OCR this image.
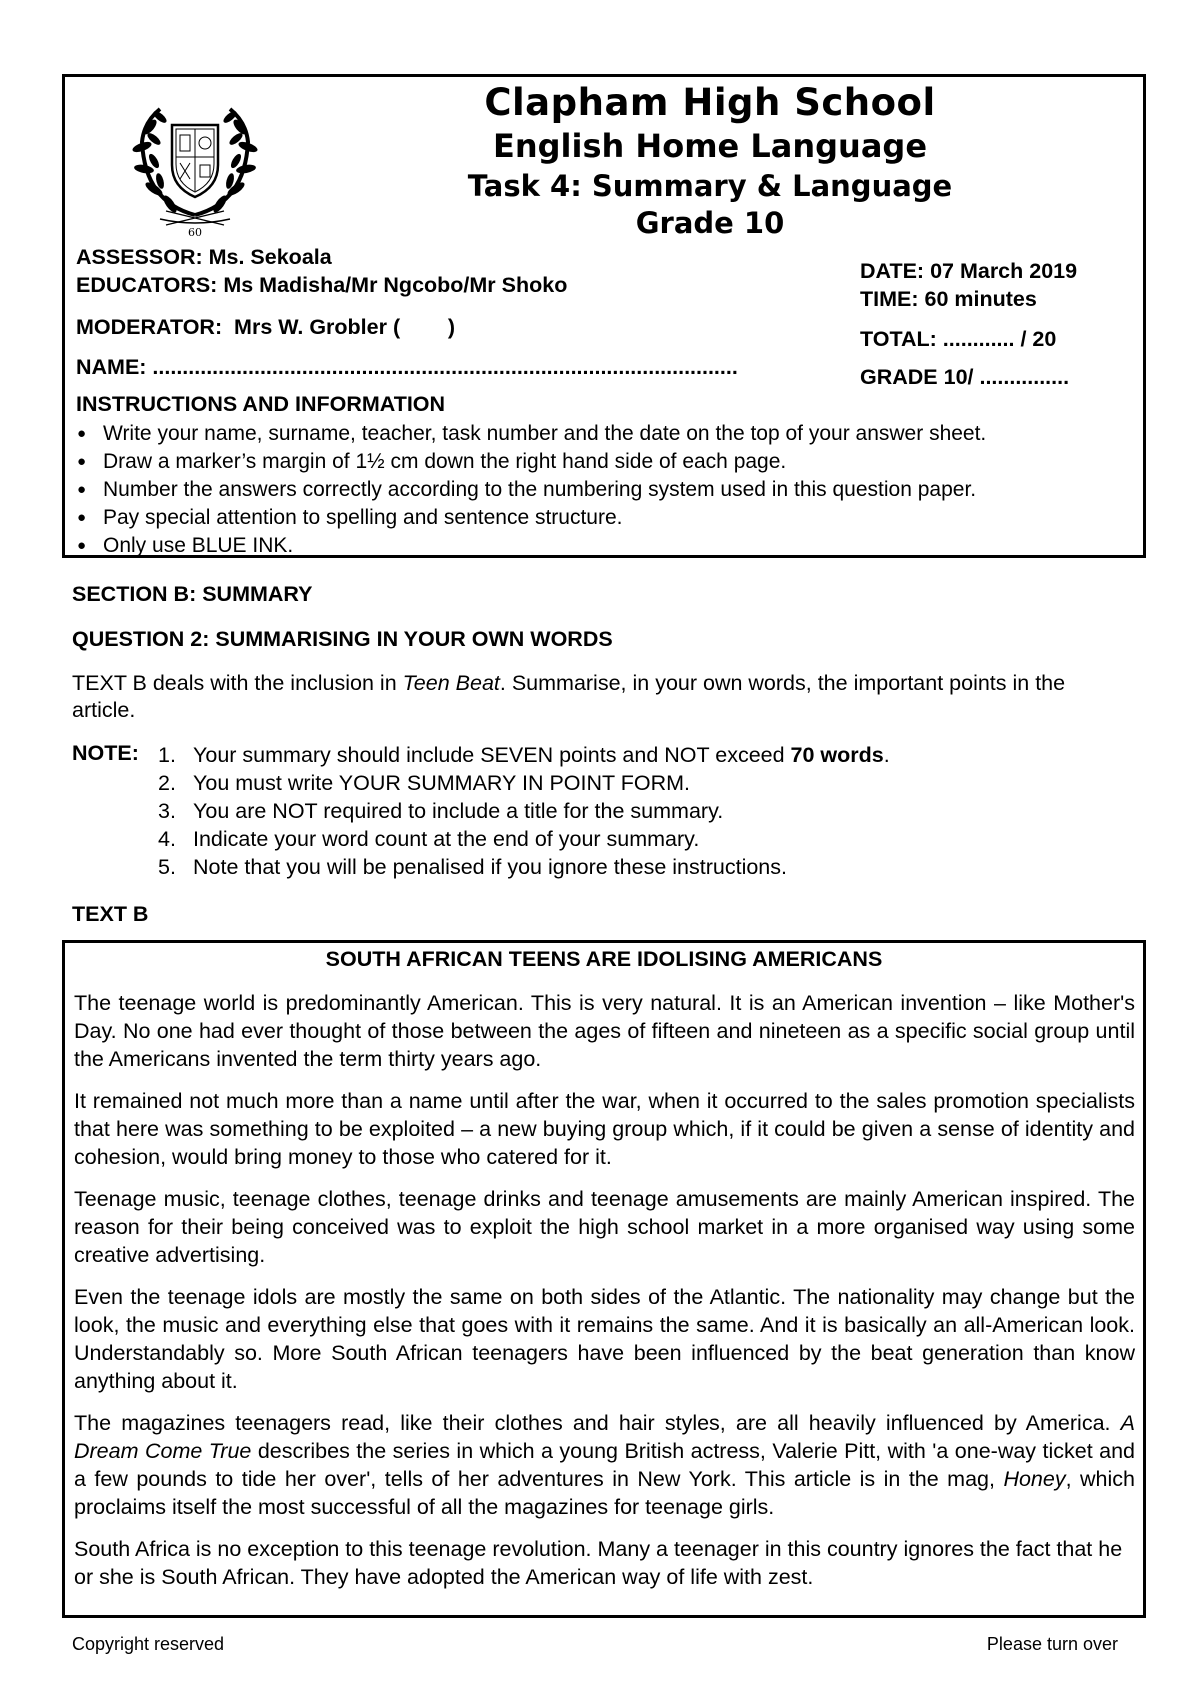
60
Clapham High School
English Home Language
Task 4: Summary & Language
Grade 10
ASSESSOR: Ms. Sekoala
EDUCATORS: Ms Madisha/Mr Ngcobo/Mr Shoko
MODERATOR:  Mrs W. Grobler (        )
NAME: ..................................................................................................
DATE: 07 March 2019
TIME: 60 minutes
TOTAL: ............ / 20
GRADE 10/ ...............
INSTRUCTIONS AND INFORMATION
● Write your name, surname, teacher, task number and the date on the top of your answer sheet.
● Draw a marker’s margin of 1½ cm down the right hand side of each page.
● Number the answers correctly according to the numbering system used in this question paper.
● Pay special attention to spelling and sentence structure.
● Only use BLUE INK.
SECTION B: SUMMARY
QUESTION 2: SUMMARISING IN YOUR OWN WORDS
TEXT B deals with the inclusion in Teen Beat. Summarise, in your own words, the important points in the article.
NOTE: 1. Your summary should include SEVEN points and NOT exceed 70 words.
2. You must write YOUR SUMMARY IN POINT FORM.
3. You are NOT required to include a title for the summary.
4. Indicate your word count at the end of your summary.
5. Note that you will be penalised if you ignore these instructions.
TEXT B
SOUTH AFRICAN TEENS ARE IDOLISING AMERICANS

The teenage world is predominantly American. This is very natural. It is an American invention – like Mother's Day. No one had ever thought of those between the ages of fifteen and nineteen as a specific social group until the Americans invented the term thirty years ago.

It remained not much more than a name until after the war, when it occurred to the sales promotion specialists that here was something to be exploited – a new buying group which, if it could be given a sense of identity and cohesion, would bring money to those who catered for it.

Teenage music, teenage clothes, teenage drinks and teenage amusements are mainly American inspired. The reason for their being conceived was to exploit the high school market in a more organised way using some creative advertising.

Even the teenage idols are mostly the same on both sides of the Atlantic. The nationality may change but the look, the music and everything else that goes with it remains the same. And it is basically an all-American look. Understandably so. More South African teenagers have been influenced by the beat generation than know anything about it.

The magazines teenagers read, like their clothes and hair styles, are all heavily influenced by America. A Dream Come True describes the series in which a young British actress, Valerie Pitt, with 'a one-way ticket and a few pounds to tide her over', tells of her adventures in New York. This article is in the mag, Honey, which proclaims itself the most successful of all the magazines for teenage girls.

South Africa is no exception to this teenage revolution. Many a teenager in this country ignores the fact that he or she is South African. They have adopted the American way of life with zest.

Copyright reserved	Please turn over
